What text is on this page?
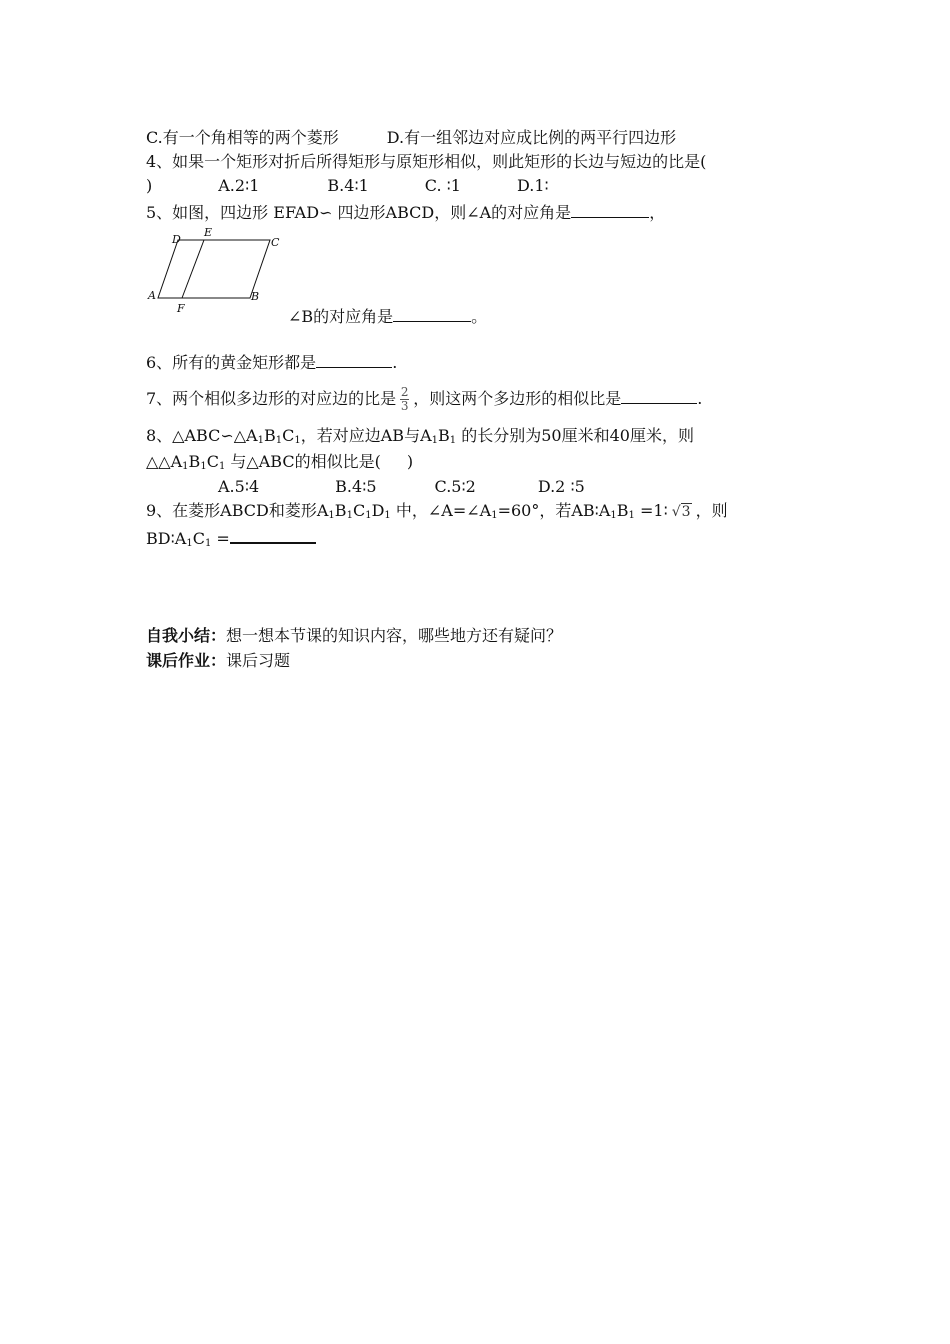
C.有一个角相等的两个菱形	D.有一组邻边对应成比例的两平行四边形
4、如果一个矩形对折后所得矩形与原矩形相似，则此矩形的长边与短边的比是(
)	A.2∶1	B.4∶1	C. ∶1	D.1∶
5、如图，四边形 EFAD∽ 四边形ABCD，则∠A的对应角是	，
D
E
C
A
F
B
∠B的对应角是	。
6、所有的黄金矩形都是	.
7、两个相似多边形的对应边的比是 $\frac{2}{3}$ ，则这两个多边形的相似比是	.
8、$\triangle ABC∽\triangle A_1B_1C_1$，若对应边AB与$A_1B_1$ 的长分别为50厘米和40厘米，则
$\triangle\triangle A_1B_1C_1$ 与△ABC的相似比是( )
A.5∶4	B.4∶5	C.5∶2	D.2 ∶5
9、在菱形ABCD和菱形$A_1B_1C_1D_1$ 中，$\angle A=\angle A_1=60^\circ$，若$AB∶A_1B_1$ =1∶ √3 ，则
$BD∶A_1C_1$ =
自我小结：想一想本节课的知识内容，哪些地方还有疑问？
课后作业：课后习题
